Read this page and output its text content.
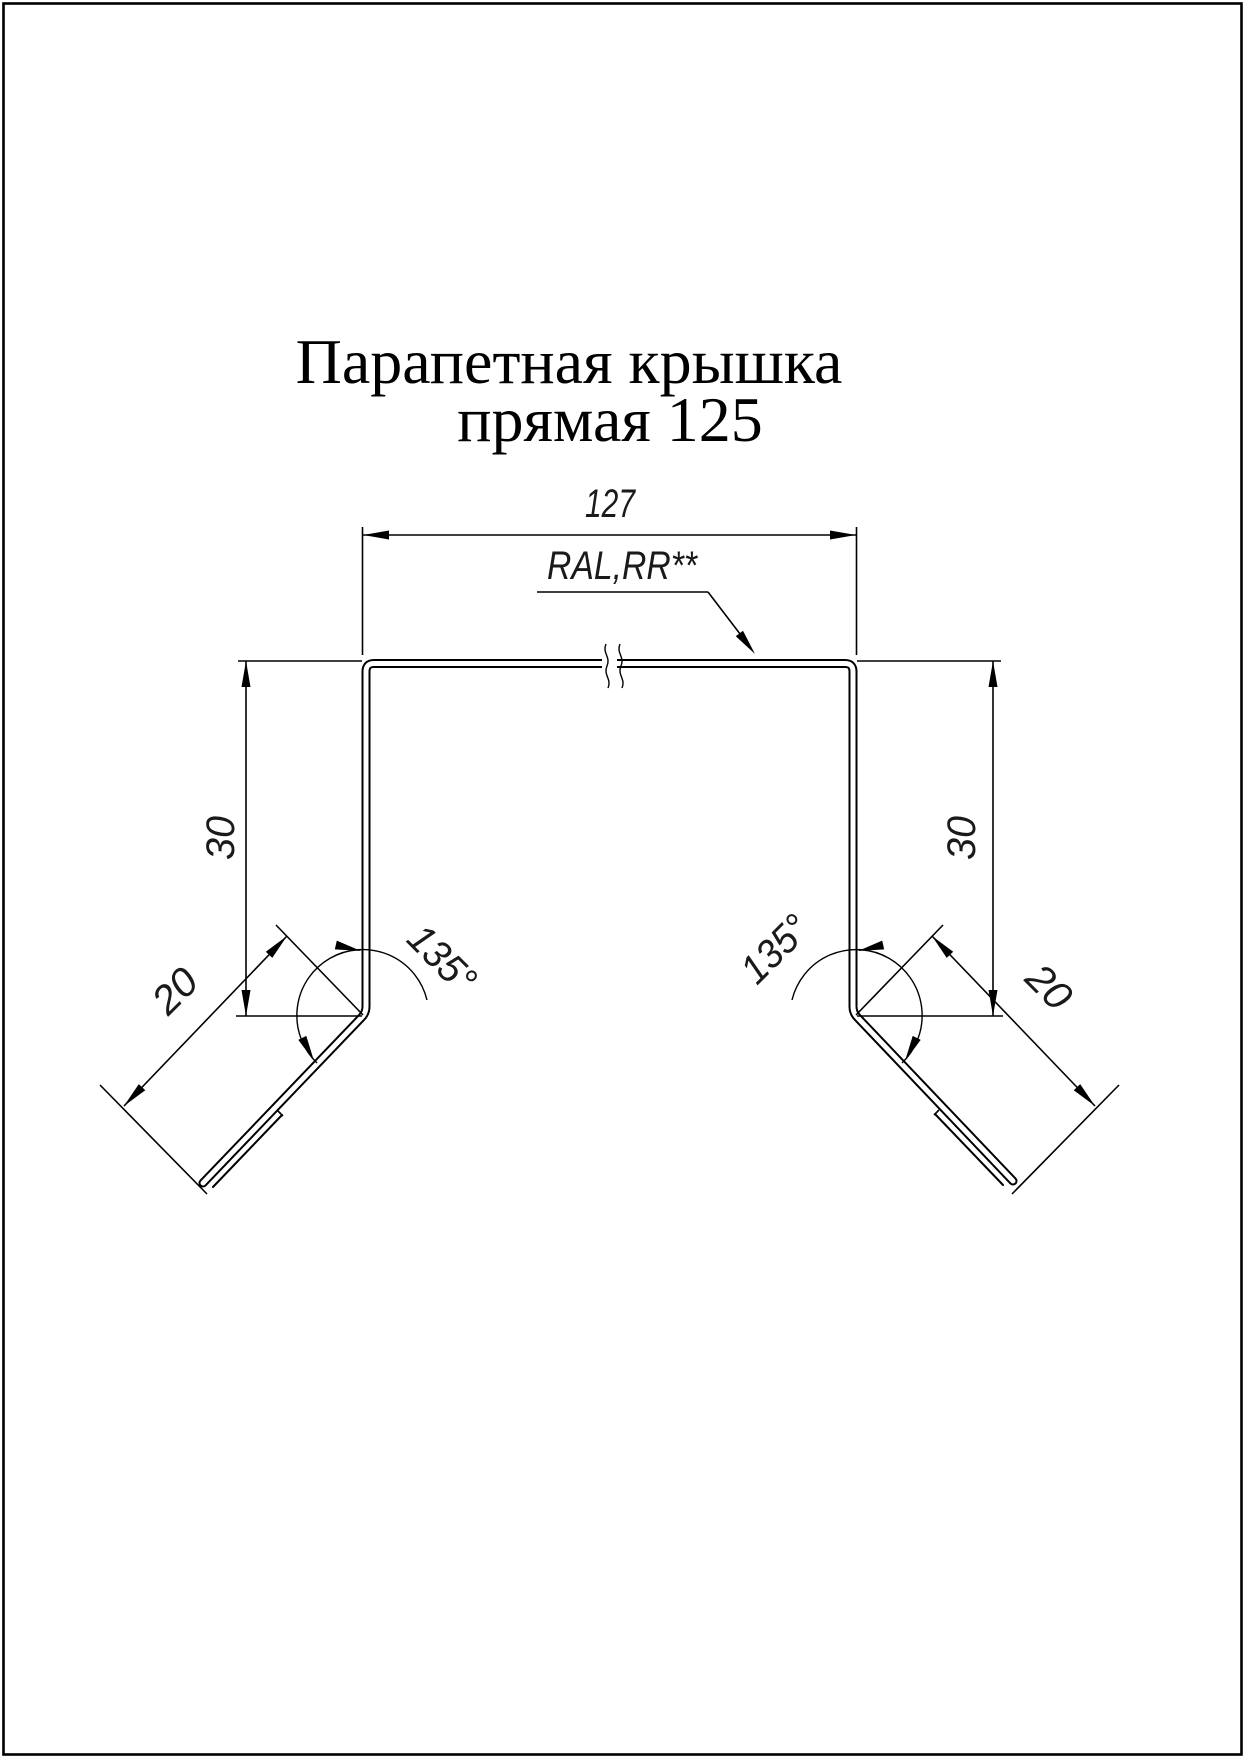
Парапетная крышка
прямая 125
127
RAL,RR**
30	30
20	20
135°	135°
